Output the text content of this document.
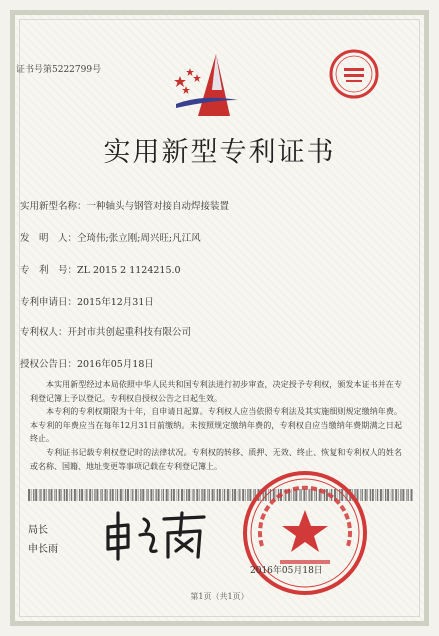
证书号第5222799号
实用新型专利证书
实用新型名称：一种轴头与钢管对接自动焊接装置
发　明　人：仝琦伟;张立刚;周兴旺;凡江风
专　利　号：ZL 2015 2 1124215.0
专利申请日：2015年12月31日
专利权人：开封市共创起重科技有限公司
授权公告日：2016年05月18日
本实用新型经过本局依照中华人民共和国专利法进行初步审查，决定授予专利权，颁发本证书并在专利登记簿上予以登记。专利权自授权公告之日起生效。
本专利的专利权期限为十年，自申请日起算。专利权人应当依照专利法及其实施细则规定缴纳年费。本专利的年费应当在每年12月31日前缴纳。未按照规定缴纳年费的，专利权自应当缴纳年费期满之日起终止。
专利证书记载专利权登记时的法律状况。专利权的转移、质押、无效、终止、恢复和专利权人的姓名或名称、国籍、地址变更等事项记载在专利登记簿上。
局长
申长雨
2016年05月18日
第1页（共1页）
